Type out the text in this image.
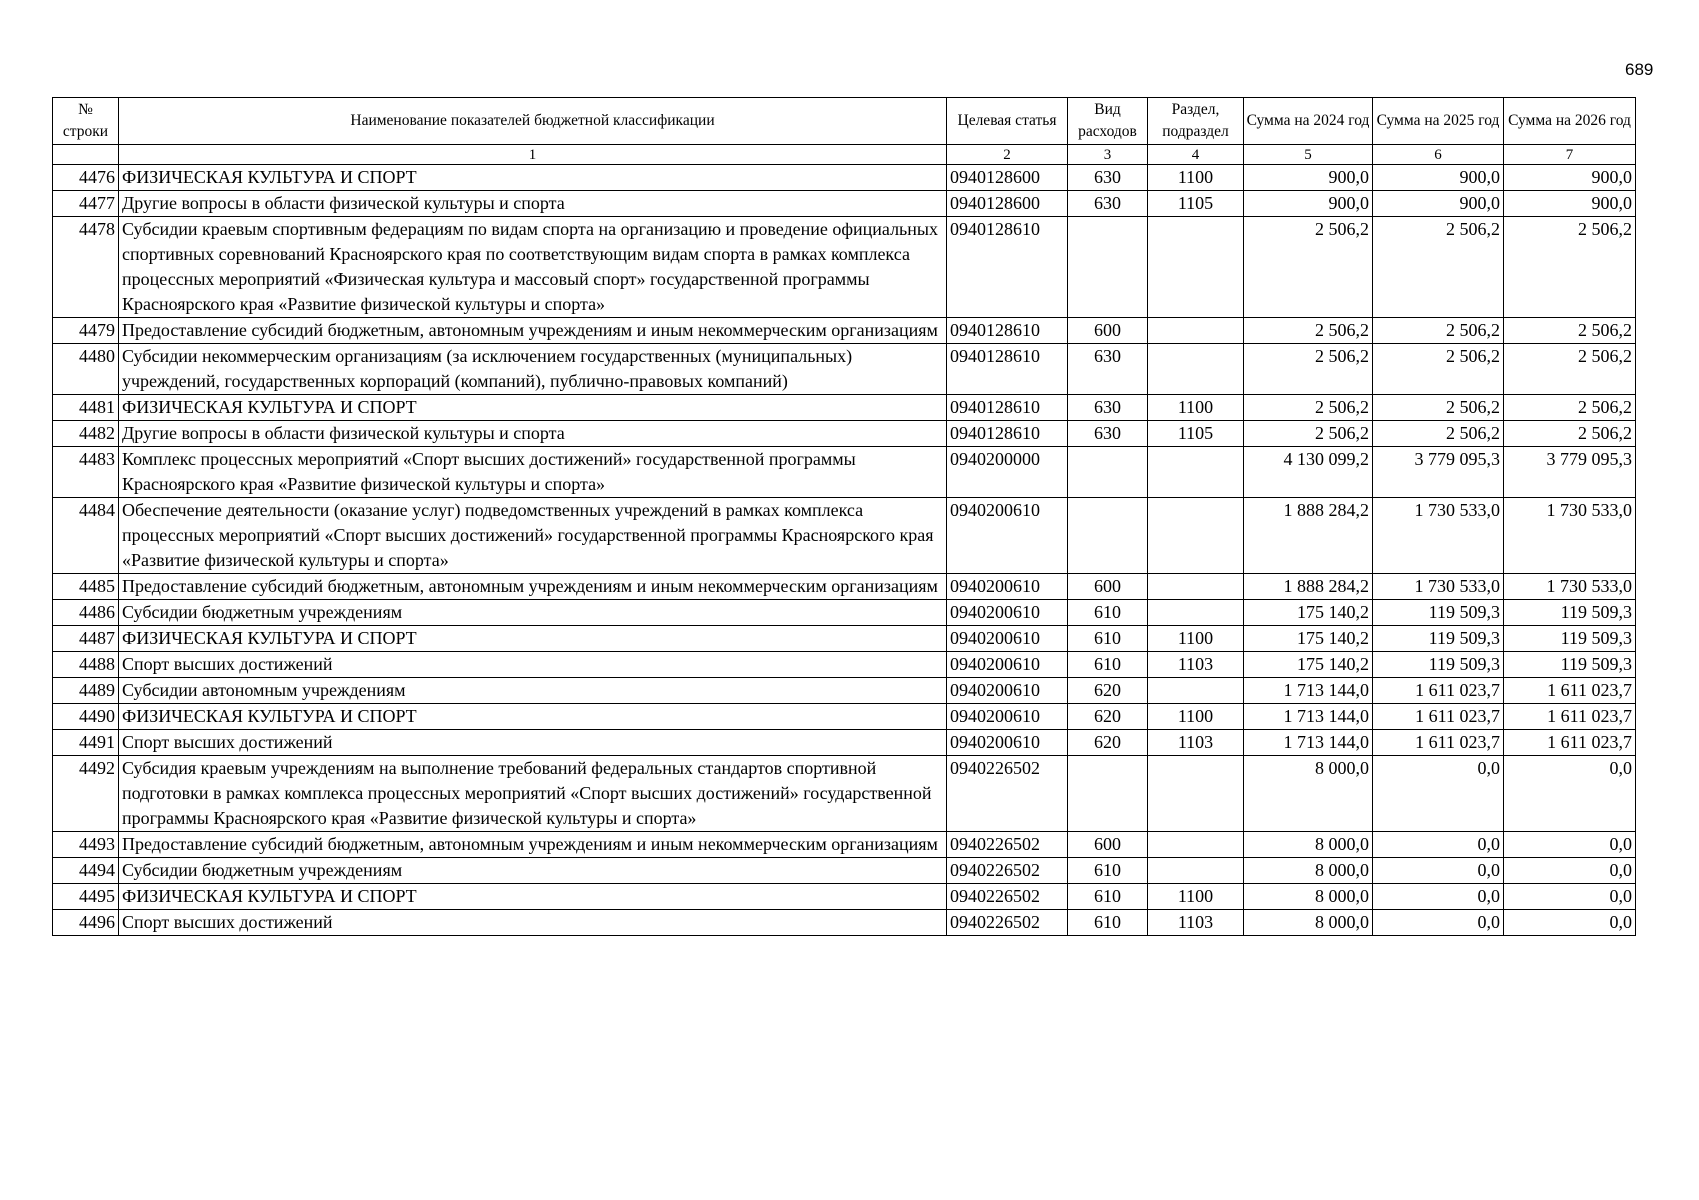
689
№ строки	Наименование показателей бюджетной классификации	Целевая статья	Вид расходов	Раздел, подраздел	Сумма на 2024 год	Сумма на 2025 год	Сумма на 2026 год
	1	2	3	4	5	6	7
4476	ФИЗИЧЕСКАЯ КУЛЬТУРА И СПОРТ	0940128600	630	1100	900,0	900,0	900,0
4477	Другие вопросы в области физической культуры и спорта	0940128600	630	1105	900,0	900,0	900,0
4478	Субсидии краевым спортивным федерациям по видам спорта на организацию и проведение официальных спортивных соревнований Красноярского края по соответствующим видам спорта в рамках комплекса процессных мероприятий «Физическая культура и массовый спорт» государственной программы Красноярского края «Развитие физической культуры и спорта»	0940128610			2 506,2	2 506,2	2 506,2
4479	Предоставление субсидий бюджетным, автономным учреждениям и иным некоммерческим организациям	0940128610	600		2 506,2	2 506,2	2 506,2
4480	Субсидии некоммерческим организациям (за исключением государственных (муниципальных) учреждений, государственных корпораций (компаний), публично-правовых компаний)	0940128610	630		2 506,2	2 506,2	2 506,2
4481	ФИЗИЧЕСКАЯ КУЛЬТУРА И СПОРТ	0940128610	630	1100	2 506,2	2 506,2	2 506,2
4482	Другие вопросы в области физической культуры и спорта	0940128610	630	1105	2 506,2	2 506,2	2 506,2
4483	Комплекс процессных мероприятий «Спорт высших достижений» государственной программы Красноярского края «Развитие физической культуры и спорта»	0940200000			4 130 099,2	3 779 095,3	3 779 095,3
4484	Обеспечение деятельности (оказание услуг) подведомственных учреждений в рамках комплекса процессных мероприятий «Спорт высших достижений» государственной программы Красноярского края «Развитие физической культуры и спорта»	0940200610			1 888 284,2	1 730 533,0	1 730 533,0
4485	Предоставление субсидий бюджетным, автономным учреждениям и иным некоммерческим организациям	0940200610	600		1 888 284,2	1 730 533,0	1 730 533,0
4486	Субсидии бюджетным учреждениям	0940200610	610		175 140,2	119 509,3	119 509,3
4487	ФИЗИЧЕСКАЯ КУЛЬТУРА И СПОРТ	0940200610	610	1100	175 140,2	119 509,3	119 509,3
4488	Спорт высших достижений	0940200610	610	1103	175 140,2	119 509,3	119 509,3
4489	Субсидии автономным учреждениям	0940200610	620		1 713 144,0	1 611 023,7	1 611 023,7
4490	ФИЗИЧЕСКАЯ КУЛЬТУРА И СПОРТ	0940200610	620	1100	1 713 144,0	1 611 023,7	1 611 023,7
4491	Спорт высших достижений	0940200610	620	1103	1 713 144,0	1 611 023,7	1 611 023,7
4492	Субсидия краевым учреждениям на выполнение требований федеральных стандартов спортивной подготовки в рамках комплекса процессных мероприятий «Спорт высших достижений» государственной программы Красноярского края «Развитие физической культуры и спорта»	0940226502			8 000,0	0,0	0,0
4493	Предоставление субсидий бюджетным, автономным учреждениям и иным некоммерческим организациям	0940226502	600		8 000,0	0,0	0,0
4494	Субсидии бюджетным учреждениям	0940226502	610		8 000,0	0,0	0,0
4495	ФИЗИЧЕСКАЯ КУЛЬТУРА И СПОРТ	0940226502	610	1100	8 000,0	0,0	0,0
4496	Спорт высших достижений	0940226502	610	1103	8 000,0	0,0	0,0
